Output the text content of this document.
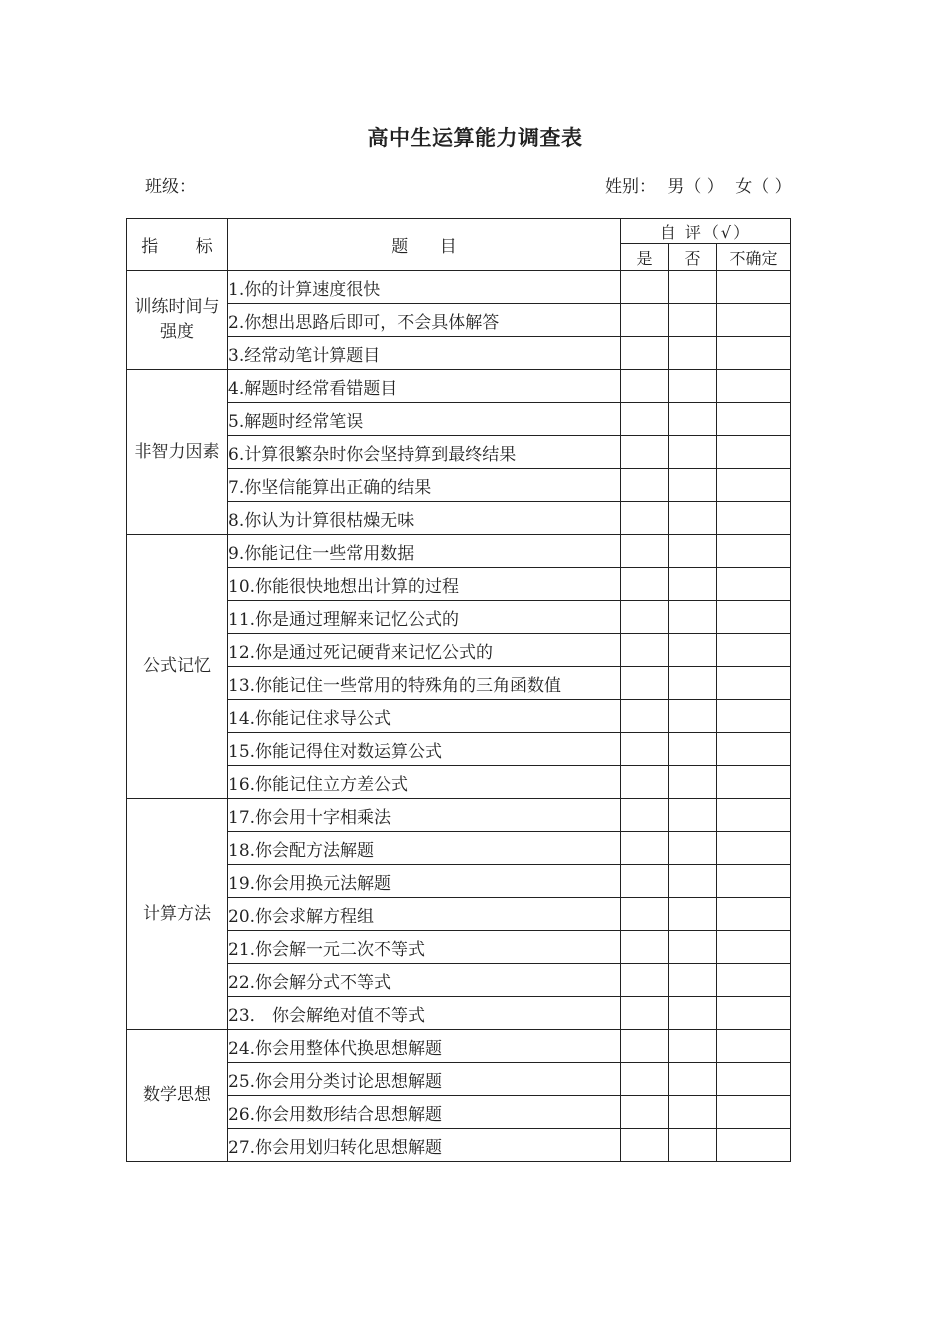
高中生运算能力调查表
班级：	姓别： 男（ ） 女（ ）
指 标	题 目	自 评（√）		
		是	否	不确定
训练时间与强度	1.你的计算速度很快			
	2.你想出思路后即可，不会具体解答			
	3.经常动笔计算题目			
非智力因素	4.解题时经常看错题目			
	5.解题时经常笔误			
	6.计算很繁杂时你会坚持算到最终结果			
	7.你坚信能算出正确的结果			
	8.你认为计算很枯燥无味			
公式记忆	9.你能记住一些常用数据			
	10.你能很快地想出计算的过程			
	11.你是通过理解来记忆公式的			
	12.你是通过死记硬背来记忆公式的			
	13.你能记住一些常用的特殊角的三角函数值			
	14.你能记住求导公式			
	15.你能记得住对数运算公式			
	16.你能记住立方差公式			
计算方法	17.你会用十字相乘法			
	18.你会配方法解题			
	19.你会用换元法解题			
	20.你会求解方程组			
	21.你会解一元二次不等式			
	22.你会解分式不等式			
	23． 你会解绝对值不等式			
数学思想	24.你会用整体代换思想解题			
	25.你会用分类讨论思想解题			
	26.你会用数形结合思想解题			
	27.你会用划归转化思想解题			
